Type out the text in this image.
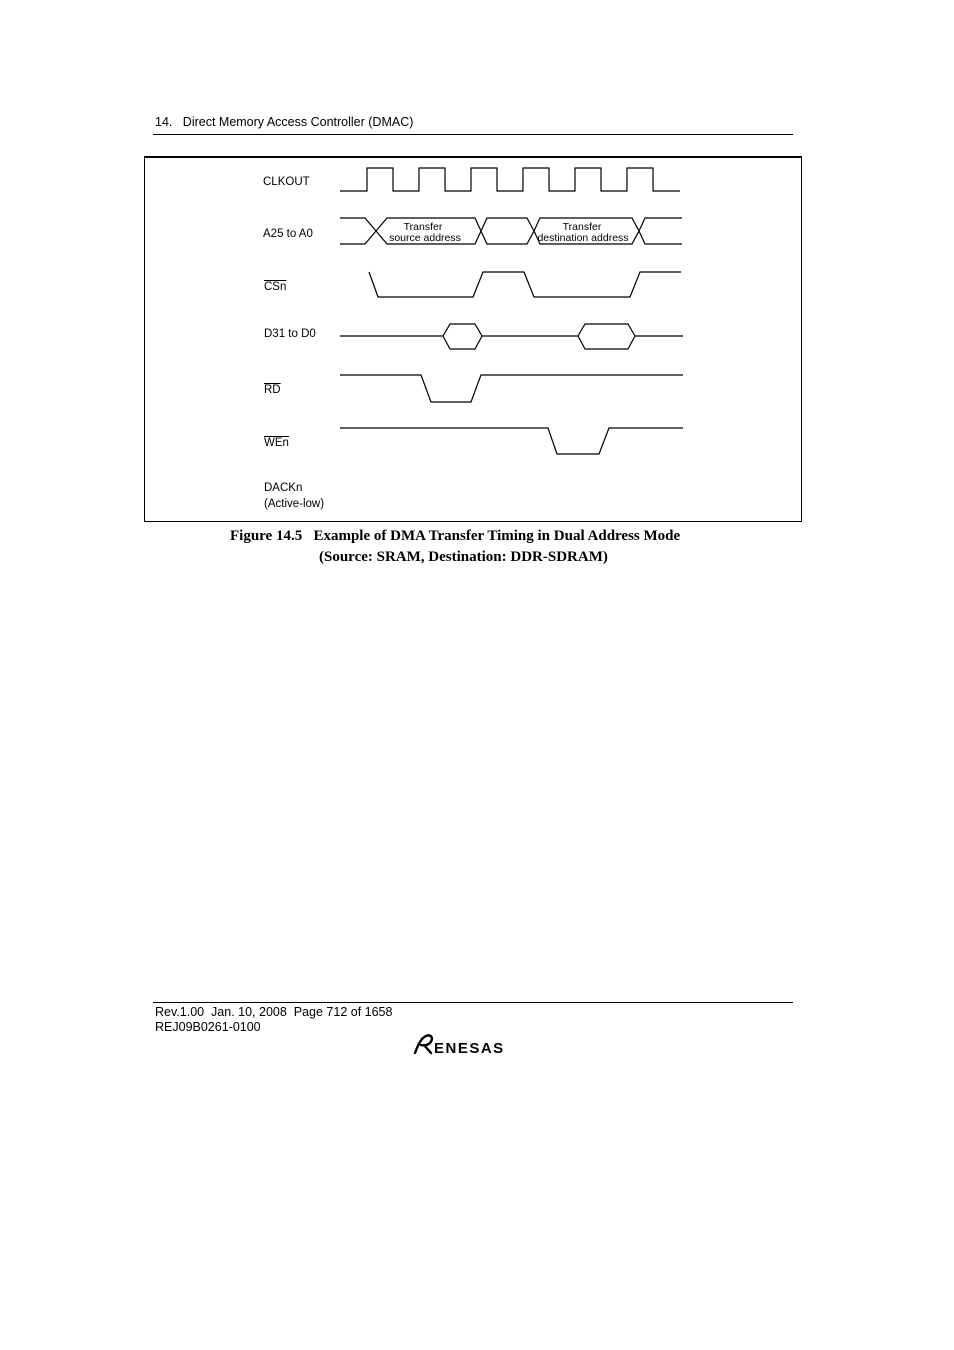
14.   Direct Memory Access Controller (DMAC)
CLKOUT
A25 to A0
$\overline{CSn}$
D31 to D0
$\overline{RD}$
$\overline{WEn}$
DACKn
(Active-low)
Transfer
source address
Transfer
destination address
Figure 14.5   Example of DMA Transfer Timing in Dual Address Mode
(Source: SRAM, Destination: DDR-SDRAM)
Rev.1.00  Jan. 10, 2008  Page 712 of 1658
REJ09B0261-0100
ENESAS
